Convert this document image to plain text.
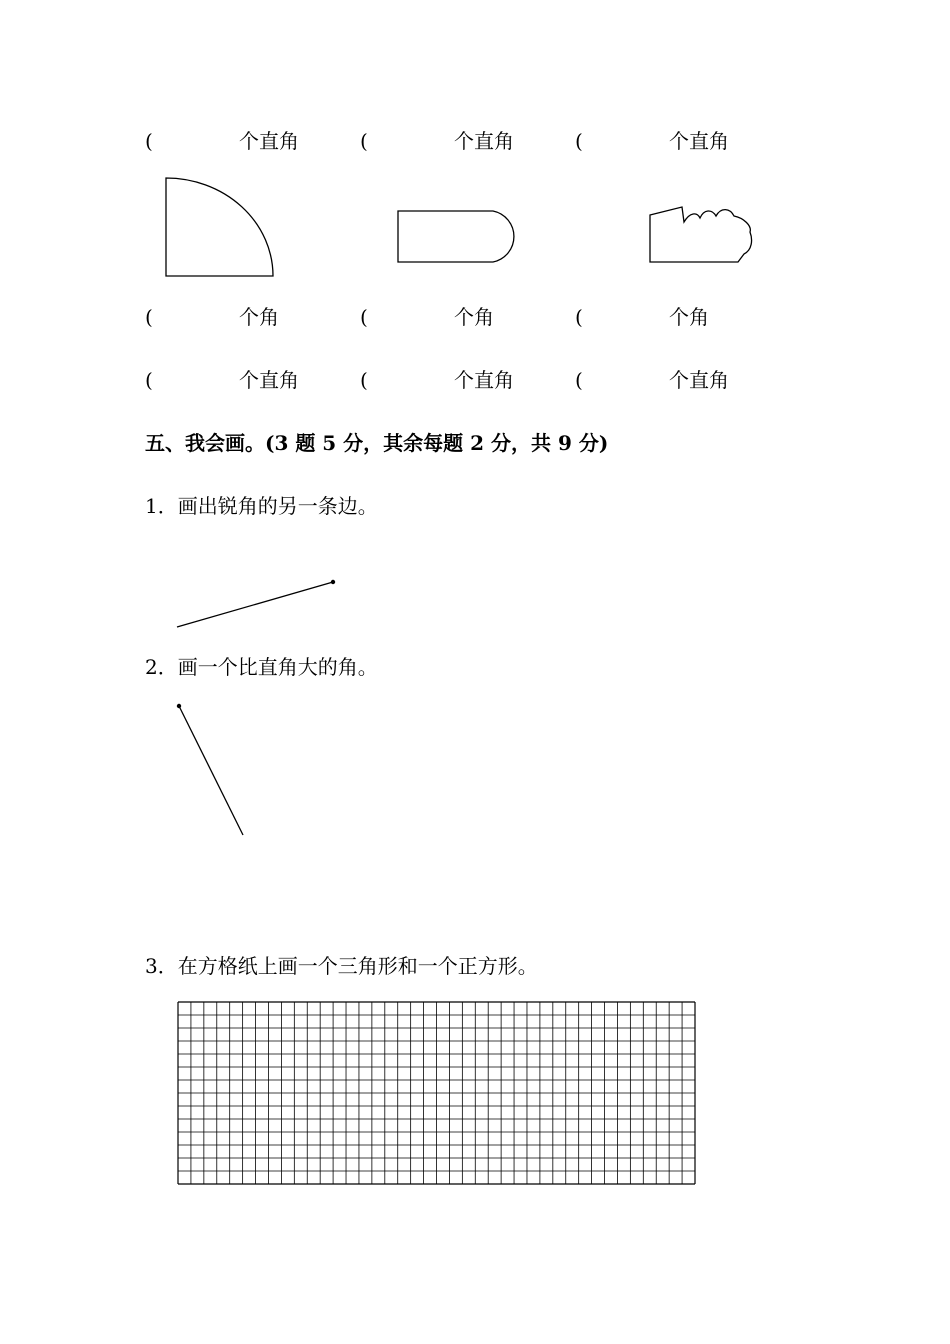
(	个直角	(	个直角	(	个直角
(	个角	(	个角	(	个角
(	个直角	(	个直角	(	个直角
五、我会画。(3 题 5 分，其余每题 2 分，共 9 分)
1．画出锐角的另一条边。
2．画一个比直角大的角。
3．在方格纸上画一个三角形和一个正方形。
